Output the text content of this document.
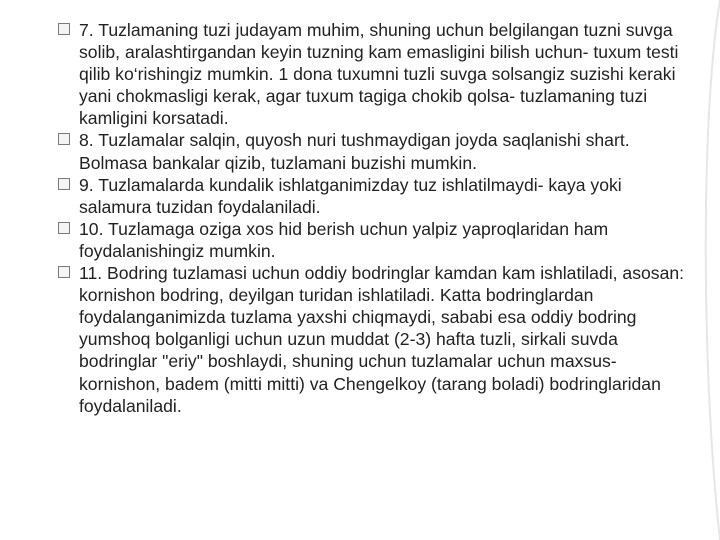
7. Tuzlamaning tuzi judayam muhim, shuning uchun belgilangan tuzni suvga solib, aralashtirgandan keyin tuzning kam emasligini bilish uchun- tuxum testi qilib ko‘rishingiz mumkin. 1 dona tuxumni tuzli suvga solsangiz suzishi keraki yani chokmasligi kerak, agar tuxum tagiga chokib qolsa- tuzlamaning tuzi kamligini korsatadi.
8. Tuzlamalar salqin, quyosh nuri tushmaydigan joyda saqlanishi shart. Bolmasa bankalar qizib, tuzlamani buzishi mumkin.
9. Tuzlamalarda kundalik ishlatganimizday tuz ishlatilmaydi- kaya yoki salamura tuzidan foydalaniladi.
10. Tuzlamaga oziga xos hid berish uchun yalpiz yaproqlaridan ham foydalanishingiz mumkin.
11. Bodring tuzlamasi uchun oddiy bodringlar kamdan kam ishlatiladi, asosan: kornishon bodring, deyilgan turidan ishlatiladi. Katta bodringlardan foydalanganimizda tuzlama yaxshi chiqmaydi, sababi esa oddiy bodring yumshoq bolganligi uchun uzun muddat (2-3) hafta tuzli, sirkali suvda bodringlar "eriy" boshlaydi, shuning uchun tuzlamalar uchun maxsus- kornishon, badem (mitti mitti) va Chengelkoy (tarang boladi) bodringlaridan foydalaniladi.
